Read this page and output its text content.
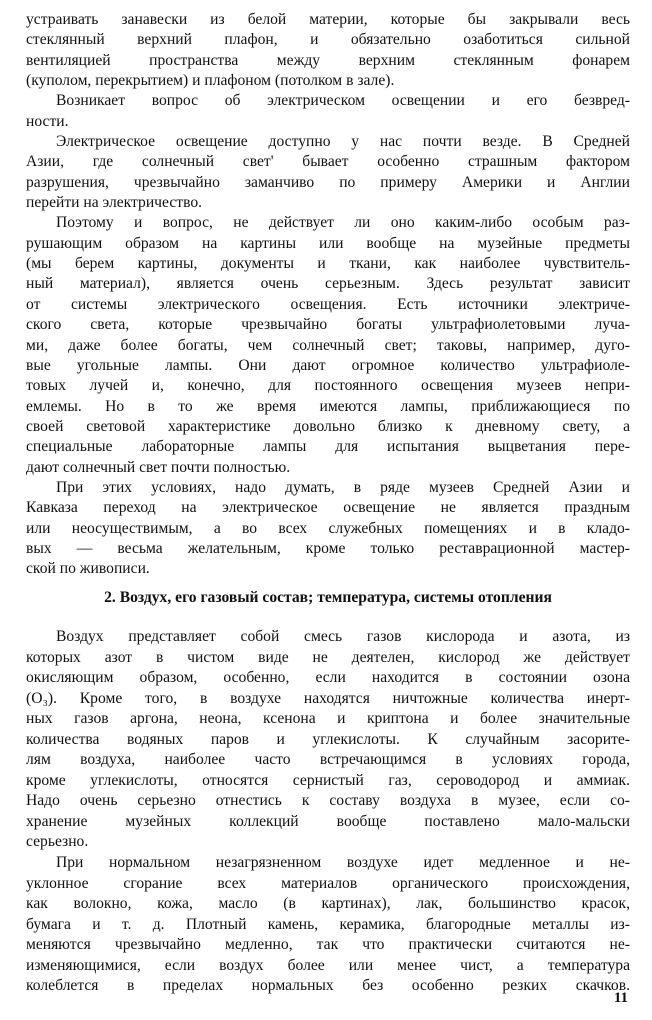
устраивать занавески из белой материи, которые бы закрывали весь

стеклянный верхний плафон, и обязательно озаботиться сильной

вентиляцией пространства между верхним стеклянным фонарем

(куполом, перекрытием) и плафоном (потолком в зале).

Возникает вопрос об электрическом освещении и его безвред-

ности.

Электрическое освещение доступно у нас почти везде. В Средней

Азии, где солнечный свет' бывает особенно страшным фактором

разрушения, чрезвычайно заманчиво по примеру Америки и Англии

перейти на электричество.

Поэтому и вопрос, не действует ли оно каким-либо особым раз-

рушающим образом на картины или вообще на музейные предметы

(мы берем картины, документы и ткани, как наиболее чувствитель-

ный материал), является очень серьезным. Здесь результат зависит

от системы электрического освещения. Есть источники электриче-

ского света, которые чрезвычайно богаты ультрафиолетовыми луча-

ми, даже более богаты, чем солнечный свет; таковы, например, дуго-

вые угольные лампы. Они дают огромное количество ультрафиолe-

товых лучей и, конечно, для постоянного освещения музеев непри-

емлемы. Но в то же время имеются лампы, приближающиеся по

своей световой характеристике довольно близко к дневному свету, а

специальные лабораторные лампы для испытания выцветания пере-

дают солнечный свет почти полностью.

При этих условиях, надо думать, в ряде музеев Средней Азии и

Кавказа переход на электрическое освещение не является праздным

или неосуществимым, а во всех служебных помещениях и в кладо-

вых — весьма желательным, кроме только реставрационной мастер-

ской по живописи.

2. Воздух, его газовый состав; температура, системы отопления

Воздух представляет собой смесь газов кислорода и азота, из

которых азот в чистом виде не деятелен, кислород же действует

окисляющим образом, особенно, если находится в состоянии озона

(O₃). Кроме того, в воздухе находятся ничтожные количества инерт-

ных газов аргона, неона, ксенона и криптона и более значительные

количества водяных паров и углекислоты. К случайным засорите-

лям воздуха, наиболее часто встречающимся в условиях города,

кроме углекислоты, относятся сернистый газ, сероводород и аммиак.

Надо очень серьезно отнестись к составу воздуха в музее, если со-

хранение музейных коллекций вообще поставлено мало-мальски

серьезно.

При нормальном незагрязненном воздухе идет медленное и не-

уклонное сгорание всех материалов органического происхождения,

как волокно, кожа, масло (в картинах), лак, большинство красок,

бумага и т. д. Плотный камень, керамика, благородные металлы из-

меняются чрезвычайно медленно, так что практически считаются не-

изменяющимися, если воздух более или менее чист, а температура

колеблется в пределах нормальных без особенно резких скачков.

11
